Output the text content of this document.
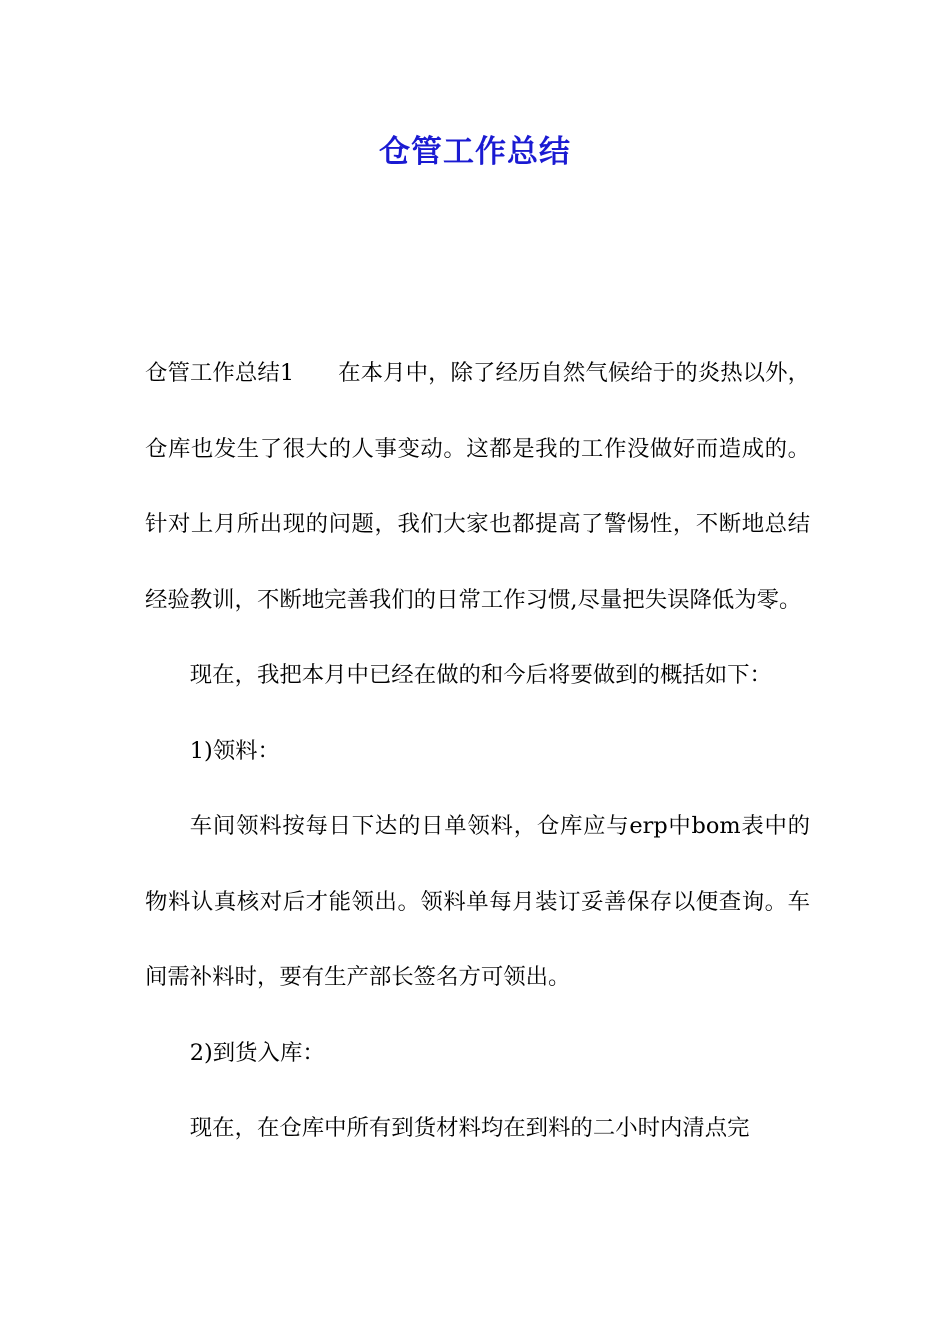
仓管工作总结

仓管工作总结1 在本月中，除了经历自然气候给于的炎热以外，仓库也发生了很大的人事变动。这都是我的工作没做好而造成的。针对上月所出现的问题，我们大家也都提高了警惕性，不断地总结经验教训，不断地完善我们的日常工作习惯,尽量把失误降低为零。

现在，我把本月中已经在做的和今后将要做到的概括如下：

1)领料：

车间领料按每日下达的日单领料，仓库应与erp中bom表中的物料认真核对后才能领出。领料单每月装订妥善保存以便查询。车间需补料时，要有生产部长签名方可领出。

2)到货入库：

现在，在仓库中所有到货材料均在到料的二小时内清点完
